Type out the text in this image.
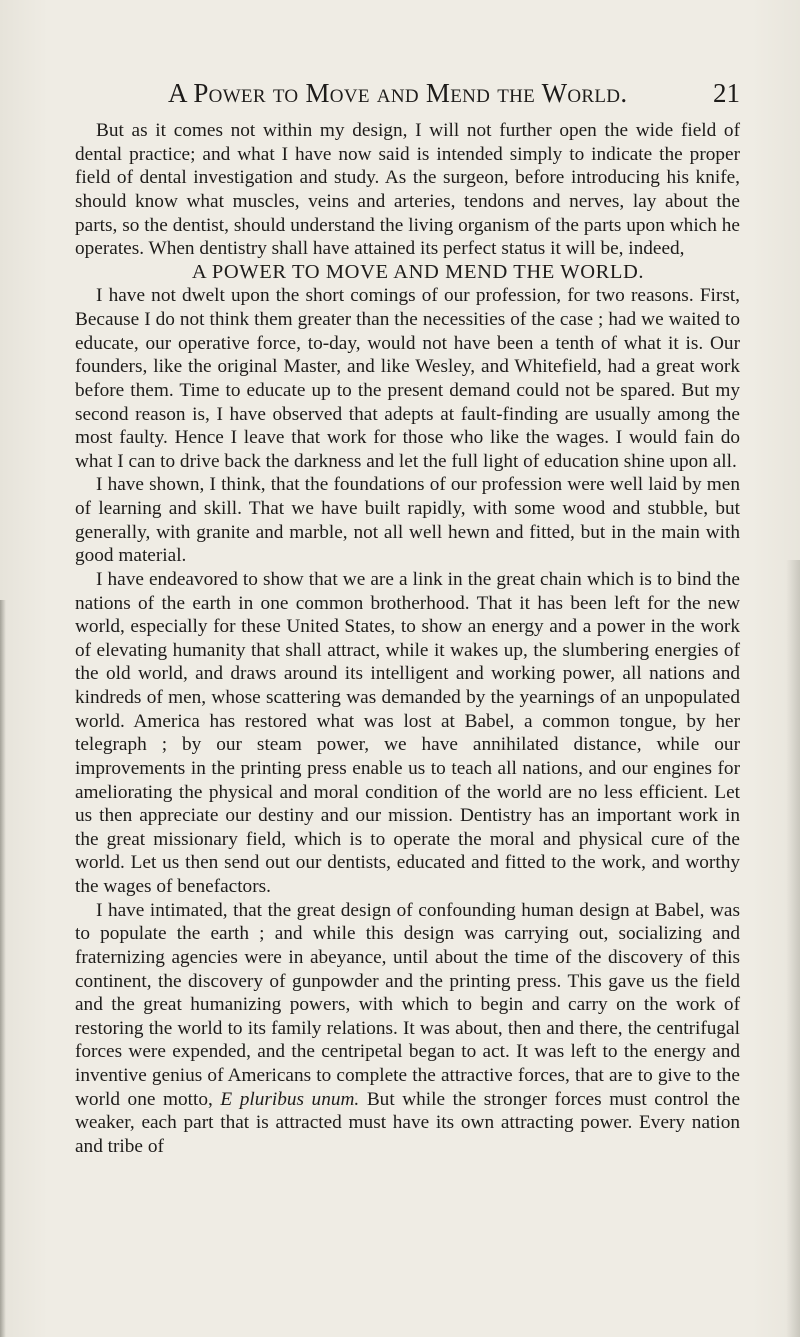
A Power to Move and Mend the World.	21

But as it comes not within my design, I will not further open the wide field of dental practice; and what I have now said is intended simply to indicate the proper field of dental investigation and study. As the surgeon, before introducing his knife, should know what muscles, veins and arteries, tendons and nerves, lay about the parts, so the dentist, should understand the living organism of the parts upon which he operates. When dentistry shall have attained its perfect status it will be, indeed,

A POWER TO MOVE AND MEND THE WORLD.

I have not dwelt upon the short comings of our profession, for two reasons. First, Because I do not think them greater than the necessities of the case ; had we waited to educate, our operative force, to-day, would not have been a tenth of what it is. Our founders, like the original Master, and like Wesley, and Whitefield, had a great work before them. Time to educate up to the present demand could not be spared. But my second reason is, I have observed that adepts at fault-finding are usually among the most faulty. Hence I leave that work for those who like the wages. I would fain do what I can to drive back the darkness and let the full light of education shine upon all.

I have shown, I think, that the foundations of our profession were well laid by men of learning and skill. That we have built rapidly, with some wood and stubble, but generally, with granite and marble, not all well hewn and fitted, but in the main with good material.

I have endeavored to show that we are a link in the great chain which is to bind the nations of the earth in one common brotherhood. That it has been left for the new world, especially for these United States, to show an energy and a power in the work of elevating humanity that shall attract, while it wakes up, the slumbering energies of the old world, and draws around its intelligent and working power, all nations and kindreds of men, whose scattering was demanded by the yearnings of an unpopulated world. America has restored what was lost at Babel, a common tongue, by her telegraph ; by our steam power, we have annihilated distance, while our improvements in the printing press enable us to teach all nations, and our engines for ameliorating the physical and moral condition of the world are no less efficient. Let us then appreciate our destiny and our mission. Dentistry has an important work in the great missionary field, which is to operate the moral and physical cure of the world. Let us then send out our dentists, educated and fitted to the work, and worthy the wages of benefactors.

I have intimated, that the great design of confounding human design at Babel, was to populate the earth ; and while this design was carrying out, socializing and fraternizing agencies were in abeyance, until about the time of the discovery of this continent, the discovery of gunpowder and the printing press. This gave us the field and the great humanizing powers, with which to begin and carry on the work of restoring the world to its family relations. It was about, then and there, the centrifugal forces were expended, and the centripetal began to act. It was left to the energy and inventive genius of Americans to complete the attractive forces, that are to give to the world one motto, E pluribus unum. But while the stronger forces must control the weaker, each part that is attracted must have its own attracting power. Every nation and tribe of
